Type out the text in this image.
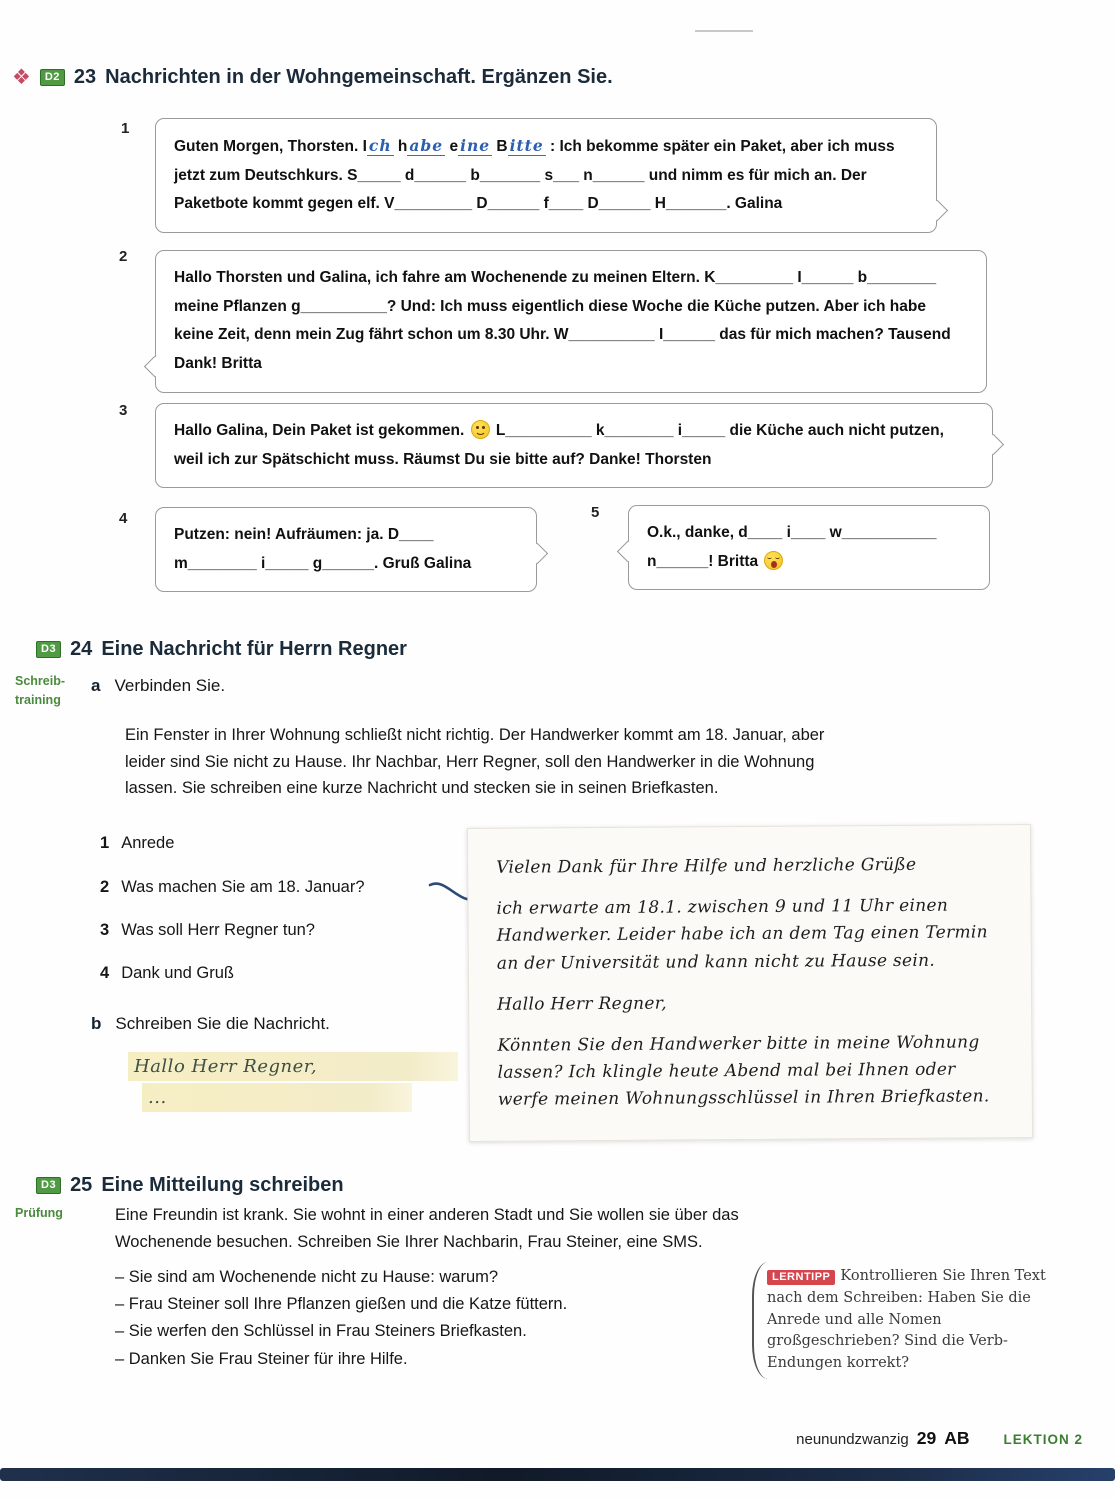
❖	D2 23 Nachrichten in der Wohngemeinschaft. Ergänzen Sie.
1
Guten Morgen, Thorsten. I ch h abe e ine B itte : Ich bekomme später ein Paket, aber ich muss jetzt zum Deutschkurs. S_____ d______ b_______ s___ n______ und nimm es für mich an. Der Paketbote kommt gegen elf. V_________ D______ f____ D______ H_______. Galina
2
Hallo Thorsten und Galina, ich fahre am Wochenende zu meinen Eltern. K_________ I______ b________ meine Pflanzen g__________? Und: Ich muss eigentlich diese Woche die Küche putzen. Aber ich habe keine Zeit, denn mein Zug fährt schon um 8.30 Uhr. W__________ I______ das für mich machen? Tausend Dank! Britta
3
Hallo Galina, Dein Paket ist gekommen.
L__________ k________ i_____ die Küche auch nicht putzen, weil ich zur Spätschicht muss. Räumst Du sie bitte auf? Danke! Thorsten
4
Putzen: nein! Aufräumen: ja. D____ m________ i_____ g______. Gruß Galina
5
O.k., danke, d____ i____ w___________ n______! Britta
D3 24 Eine Nachricht für Herrn Regner
Schreib-
training
a Verbinden Sie.
Ein Fenster in Ihrer Wohnung schließt nicht richtig. Der Handwerker kommt am 18. Januar, aber leider sind Sie nicht zu Hause. Ihr Nachbar, Herr Regner, soll den Handwerker in die Wohnung lassen. Sie schreiben eine kurze Nachricht und stecken sie in seinen Briefkasten.
1 Anrede
2 Was machen Sie am 18. Januar?
3 Was soll Herr Regner tun?
4 Dank und Gruß
b Schreiben Sie die Nachricht.
Hallo Herr Regner,
...

Vielen Dank für Ihre Hilfe und herzliche Grüße

ich erwarte am 18.1. zwischen 9 und 11 Uhr einen Handwerker. Leider habe ich an dem Tag einen Termin an der Universität und kann nicht zu Hause sein.

Hallo Herr Regner,

Könnten Sie den Handwerker bitte in meine Wohnung lassen? Ich klingle heute Abend mal bei Ihnen oder werfe meinen Wohnungsschlüssel in Ihren Briefkasten.

D3 25 Eine Mitteilung schreiben
Prüfung	Eine Freundin ist krank. Sie wohnt in einer anderen Stadt und Sie wollen sie über das Wochenende besuchen. Schreiben Sie Ihrer Nachbarin, Frau Steiner, eine SMS.
– Sie sind am Wochenende nicht zu Hause: warum?
– Frau Steiner soll Ihre Pflanzen gießen und die Katze füttern.
– Sie werfen den Schlüssel in Frau Steiners Briefkasten.
– Danken Sie Frau Steiner für ihre Hilfe.
LERNTIPP Kontrollieren Sie Ihren Text nach dem Schreiben: Haben Sie die Anrede und alle Nomen großgeschrieben? Sind die Verb-Endungen korrekt?
neunundzwanzig 29 AB	LEKTION 2
